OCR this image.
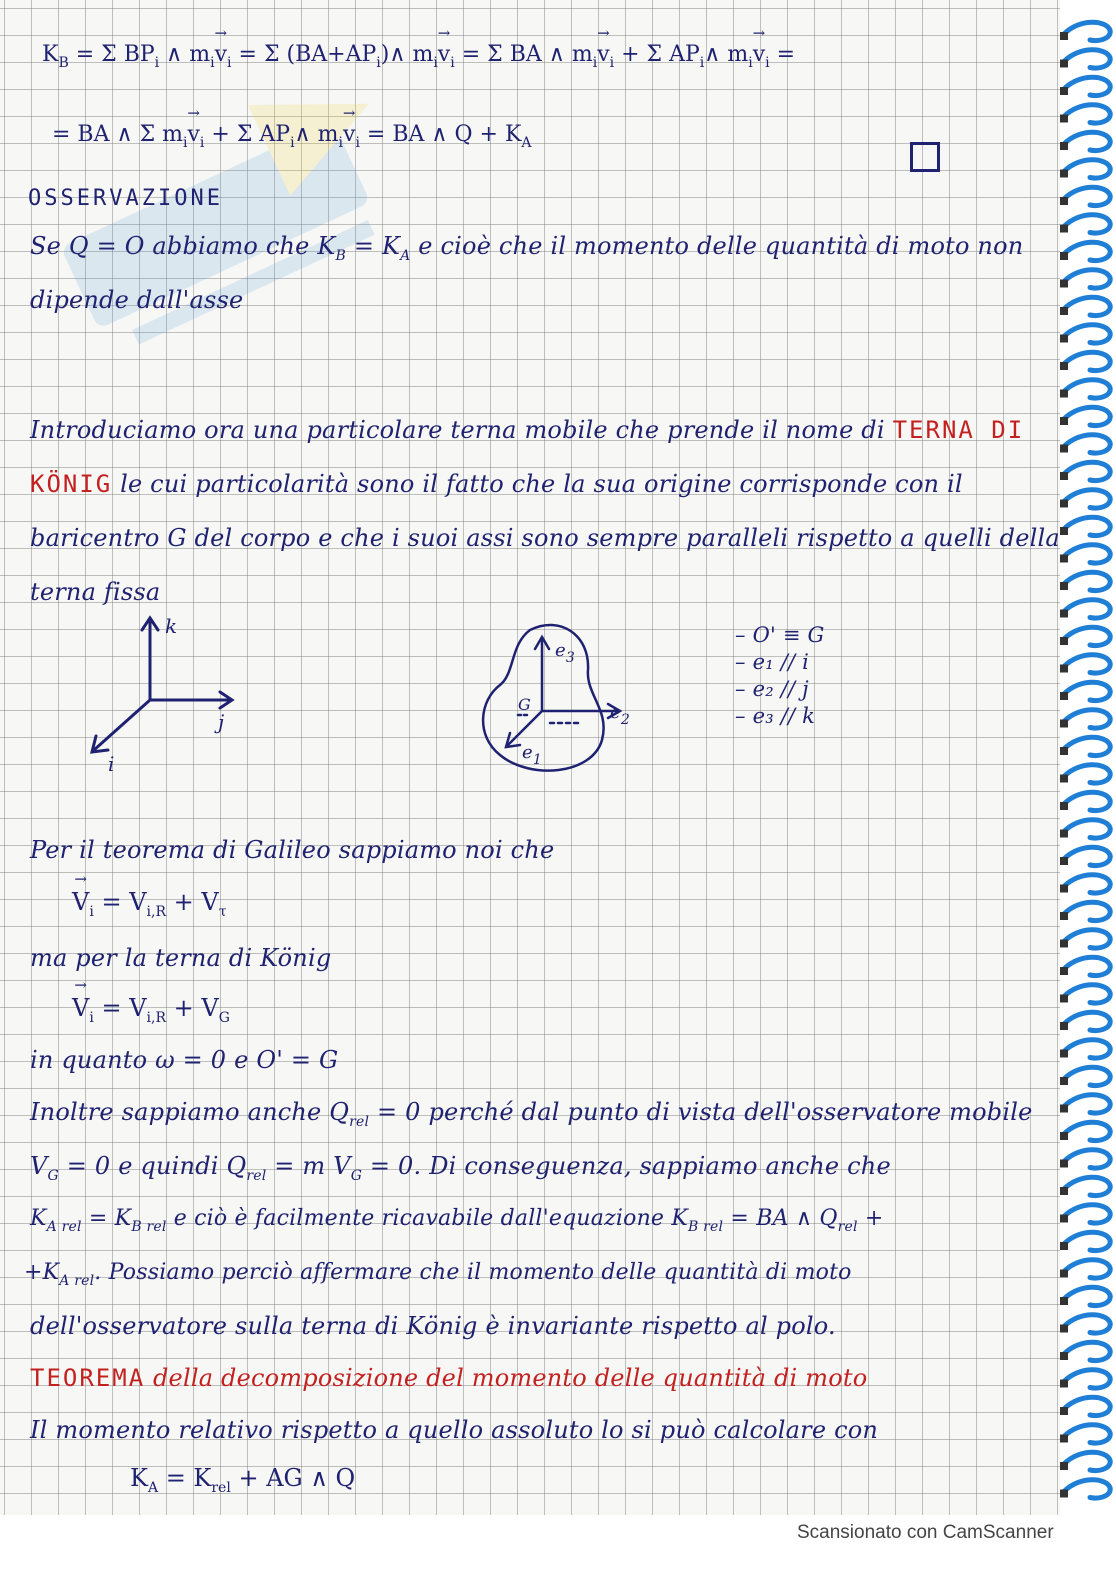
$K_B = \Sigma$ $BP_i$ ∧ $m_i\to v_i = \Sigma$ $(BA+AP_i)\wedge$ $m_i\to v_i = \Sigma$ BA ∧ $m_i\to v_i + \Sigma$ $AP_i\wedge$ $m_i\to v_i$ =
= BA ∧ Σ $m_i\to v_i + \Sigma$ $AP_i\wedge$ $m_i\to v_i$ = BA ∧ $Q + K_A$
OSSERVAZIONE
Se Q = O abbiamo che $K_B = K_A$ e cioè che il momento delle quantità di moto non
dipende dall'asse
Introduciamo ora una particolare terna mobile che prende il nome di TERNA DI
KÖNIG le cui particolarità sono il fatto che la sua origine corrisponde con il
baricentro G del corpo e che i suoi assi sono sempre paralleli rispetto a quelli della
terna fissa
k
j
i
$e_3$
$e_2$
$e_1$
G
– O' ≡ G
– e₁ // i
– e₂ // j
– e₃ // k
Per il teorema di Galileo sappiamo noi che
→ $V_i = V_{i,R} + V_\tau$
ma per la terna di König
→ $V_i = V_{i,R} + V_G$
in quanto ω = 0 e O' = G
Inoltre sappiamo anche $Q_{rel} = 0$ perché dal punto di vista dell'osservatore mobile
$V_G = 0$ e quindi $Q_{rel} = m$ $V_G = 0$. Di conseguenza, sappiamo anche che
$K_{A rel} = K_{B rel}$ e ciò è facilmente ricavabile dall'equazione $K_{B rel}$ = BA ∧ $Q_{rel}$ +
$+K_{A rel}$. Possiamo perciò affermare che il momento delle quantità di moto
dell'osservatore sulla terna di König è invariante rispetto al polo.
TEOREMA della decomposizione del momento delle quantità di moto
Il momento relativo rispetto a quello assoluto lo si può calcolare con
$K_A = K_{rel}$ + AG ∧ Q
Scansionato con CamScanner
